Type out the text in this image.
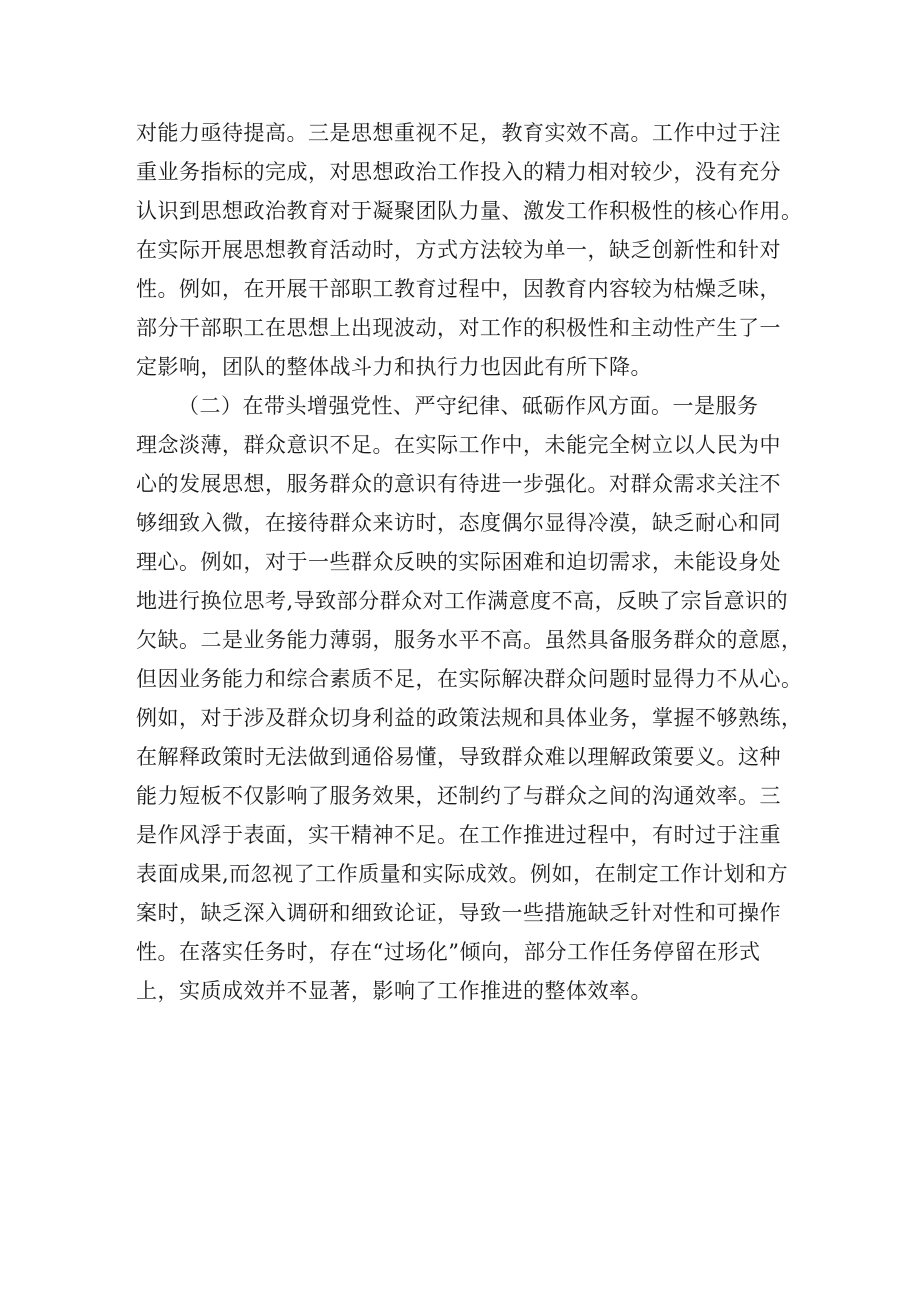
对能力亟待提高。三是思想重视不足，教育实效不高。工作中过于注
重业务指标的完成，对思想政治工作投入的精力相对较少，没有充分
认识到思想政治教育对于凝聚团队力量、激发工作积极性的核心作用。
在实际开展思想教育活动时，方式方法较为单一，缺乏创新性和针对
性。例如，在开展干部职工教育过程中，因教育内容较为枯燥乏味，
部分干部职工在思想上出现波动，对工作的积极性和主动性产生了一
定影响，团队的整体战斗力和执行力也因此有所下降。
（二）在带头增强党性、严守纪律、砥砺作风方面。一是服务
理念淡薄，群众意识不足。在实际工作中，未能完全树立以人民为中
心的发展思想，服务群众的意识有待进一步强化。对群众需求关注不
够细致入微，在接待群众来访时，态度偶尔显得冷漠，缺乏耐心和同
理心。例如，对于一些群众反映的实际困难和迫切需求，未能设身处
地进行换位思考,导致部分群众对工作满意度不高，反映了宗旨意识的
欠缺。二是业务能力薄弱，服务水平不高。虽然具备服务群众的意愿，
但因业务能力和综合素质不足，在实际解决群众问题时显得力不从心。
例如，对于涉及群众切身利益的政策法规和具体业务，掌握不够熟练，
在解释政策时无法做到通俗易懂，导致群众难以理解政策要义。这种
能力短板不仅影响了服务效果，还制约了与群众之间的沟通效率。三
是作风浮于表面，实干精神不足。在工作推进过程中，有时过于注重
表面成果,而忽视了工作质量和实际成效。例如，在制定工作计划和方
案时，缺乏深入调研和细致论证，导致一些措施缺乏针对性和可操作
性。在落实任务时，存在“过场化”倾向，部分工作任务停留在形式
上，实质成效并不显著，影响了工作推进的整体效率。
